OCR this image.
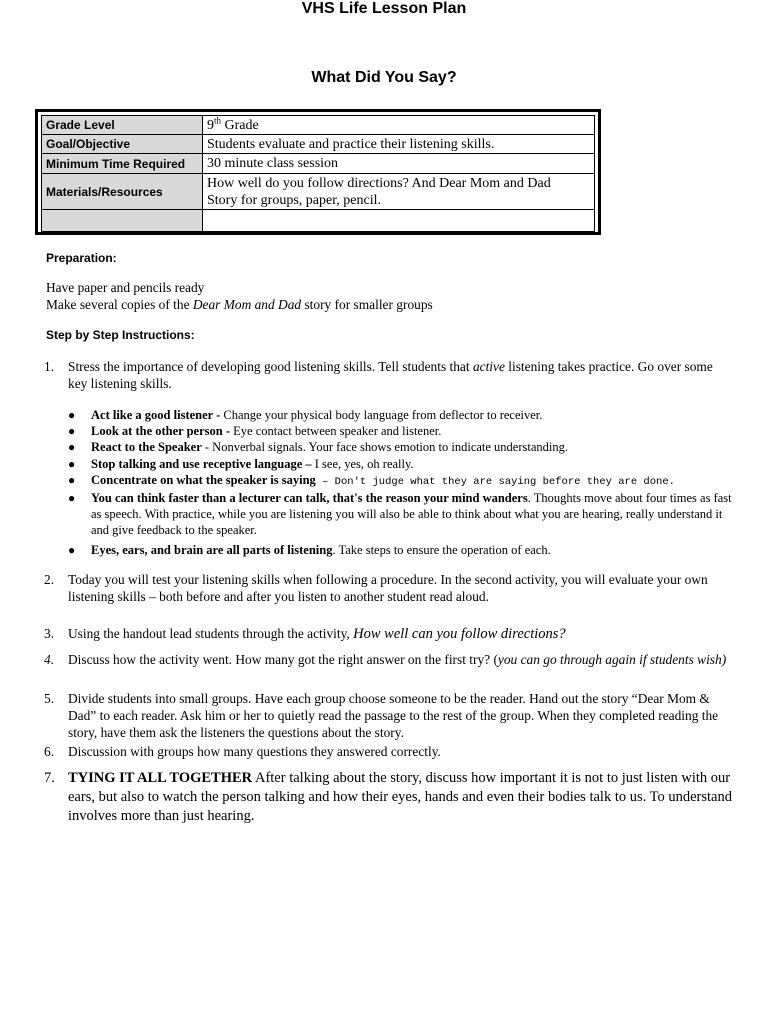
VHS Life Lesson Plan
What Did You Say?
Grade Level	9th Grade
Goal/Objective	Students evaluate and practice their listening skills.
Minimum Time Required	30 minute class session
Materials/Resources	How well do you follow directions? And Dear Mom and Dad
Story for groups, paper, pencil.

Preparation:
Have paper and pencils ready
Make several copies of the Dear Mom and Dad story for smaller groups
Step by Step Instructions:
1. Stress the importance of developing good listening skills. Tell students that active listening takes practice. Go over some key listening skills.
● Act like a good listener - Change your physical body language from deflector to receiver.
● Look at the other person - Eye contact between speaker and listener.
● React to the Speaker - Nonverbal signals. Your face shows emotion to indicate understanding.
● Stop talking and use receptive language – I see, yes, oh really.
● Concentrate on what the speaker is saying – Don't judge what they are saying before they are done.
● You can think faster than a lecturer can talk, that's the reason your mind wanders. Thoughts move about four times as fast as speech. With practice, while you are listening you will also be able to think about what you are hearing, really understand it and give feedback to the speaker.
● Eyes, ears, and brain are all parts of listening. Take steps to ensure the operation of each.
2. Today you will test your listening skills when following a procedure. In the second activity, you will evaluate your own listening skills – both before and after you listen to another student read aloud.
3. Using the handout lead students through the activity, How well can you follow directions?
4. Discuss how the activity went. How many got the right answer on the first try? (you can go through again if students wish)
5. Divide students into small groups. Have each group choose someone to be the reader. Hand out the story “Dear Mom & Dad” to each reader. Ask him or her to quietly read the passage to the rest of the group. When they completed reading the story, have them ask the listeners the questions about the story.
6. Discussion with groups how many questions they answered correctly.
7. TYING IT ALL TOGETHER After talking about the story, discuss how important it is not to just listen with our ears, but also to watch the person talking and how their eyes, hands and even their bodies talk to us. To understand involves more than just hearing.
